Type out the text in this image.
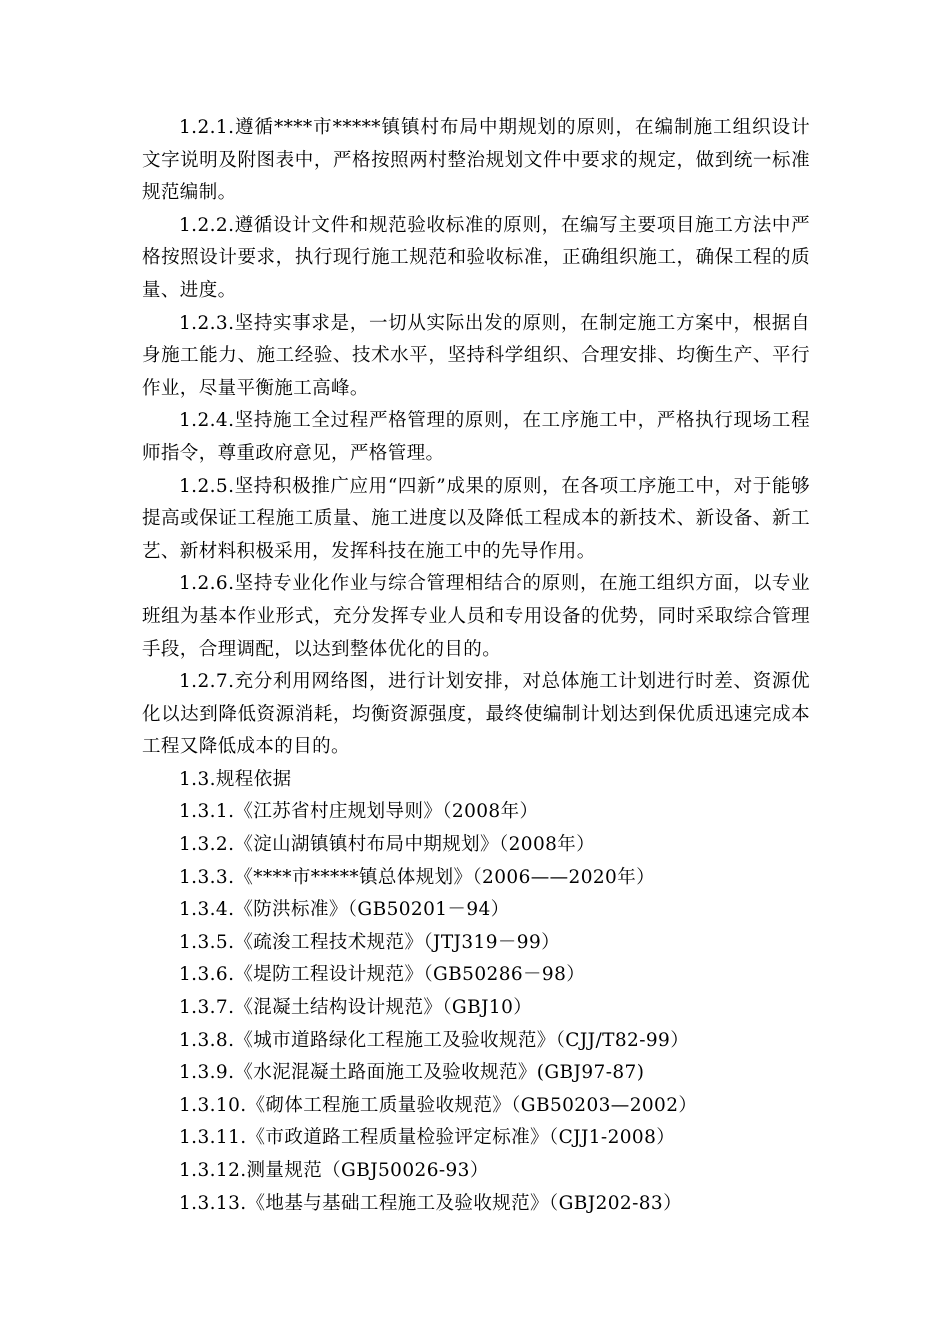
1.2.1.遵循****市*****镇镇村布局中期规划的原则，在编制施工组织设计文字说明及附图表中，严格按照两村整治规划文件中要求的规定，做到统一标准规范编制。

1.2.2.遵循设计文件和规范验收标准的原则，在编写主要项目施工方法中严格按照设计要求，执行现行施工规范和验收标准，正确组织施工，确保工程的质量、进度。

1.2.3.坚持实事求是，一切从实际出发的原则，在制定施工方案中，根据自身施工能力、施工经验、技术水平，坚持科学组织、合理安排、均衡生产、平行作业，尽量平衡施工高峰。

1.2.4.坚持施工全过程严格管理的原则，在工序施工中，严格执行现场工程师指令，尊重政府意见，严格管理。

1.2.5.坚持积极推广应用“四新”成果的原则，在各项工序施工中，对于能够提高或保证工程施工质量、施工进度以及降低工程成本的新技术、新设备、新工艺、新材料积极采用，发挥科技在施工中的先导作用。

1.2.6.坚持专业化作业与综合管理相结合的原则，在施工组织方面，以专业班组为基本作业形式，充分发挥专业人员和专用设备的优势，同时采取综合管理手段，合理调配，以达到整体优化的目的。

1.2.7.充分利用网络图，进行计划安排，对总体施工计划进行时差、资源优化以达到降低资源消耗，均衡资源强度，最终使编制计划达到保优质迅速完成本工程又降低成本的目的。

1.3.规程依据

1.3.1.《江苏省村庄规划导则》（2008年）

1.3.2.《淀山湖镇镇村布局中期规划》（2008年）

1.3.3.《****市*****镇总体规划》（2006——2020年）

1.3.4.《防洪标准》（GB50201－94）

1.3.5.《疏浚工程技术规范》（JTJ319－99）

1.3.6.《堤防工程设计规范》（GB50286－98）

1.3.7.《混凝土结构设计规范》（GBJ10）

1.3.8.《城市道路绿化工程施工及验收规范》（CJJ/T82-99）

1.3.9.《水泥混凝土路面施工及验收规范》(GBJ97-87)

1.3.10.《砌体工程施工质量验收规范》（GB50203—2002）

1.3.11.《市政道路工程质量检验评定标准》（CJJ1-2008）

1.3.12.测量规范（GBJ50026-93）

1.3.13.《地基与基础工程施工及验收规范》（GBJ202-83）
